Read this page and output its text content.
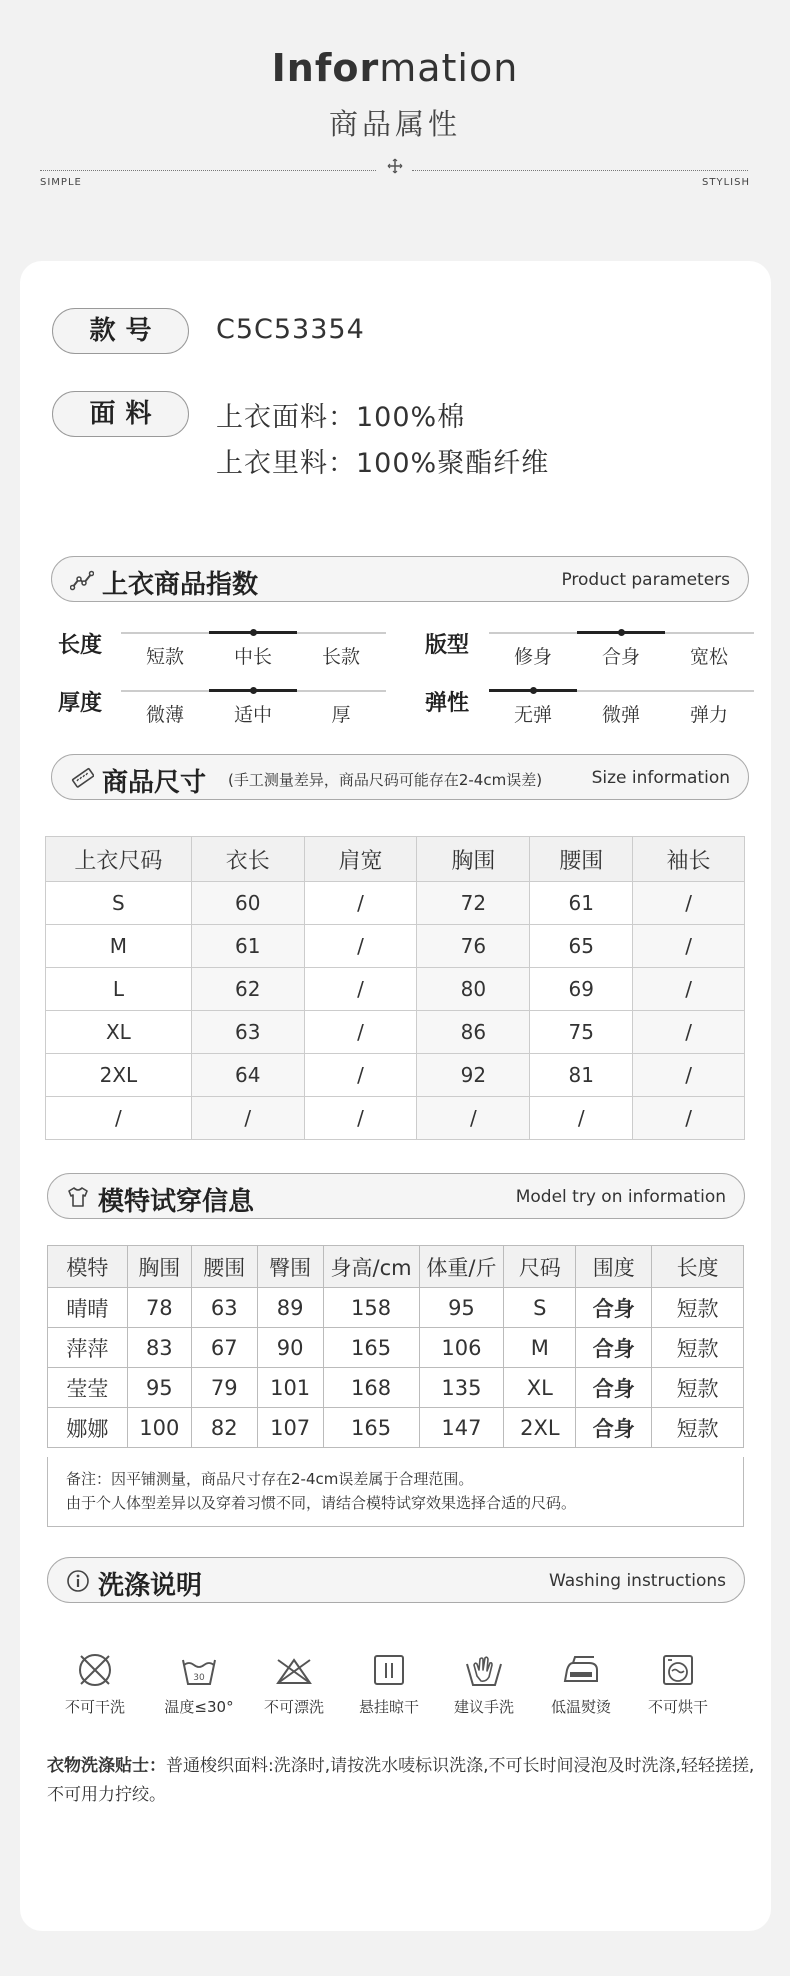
Information
商品属性
SIMPLE	STYLISH
款号	C5C53354
面料	上衣面料：100%棉
上衣里料：100%聚酯纤维
上衣商品指数	Product parameters
长度	短款	中长	长款	版型	修身	合身	宽松
厚度	微薄	适中	厚	弹性	无弹	微弹	弹力
商品尺寸 (手工测量差异，商品尺码可能存在2-4cm误差)	Size information
上衣尺码	衣长	肩宽	胸围	腰围	袖长
S	60	/	72	61	/
M	61	/	76	65	/
L	62	/	80	69	/
XL	63	/	86	75	/
2XL	64	/	92	81	/
/	/	/	/	/	/
模特试穿信息	Model try on information
模特	胸围	腰围	臀围	身高/cm	体重/斤	尺码	围度	长度
晴晴	78	63	89	158	95	S	合身	短款
萍萍	83	67	90	165	106	M	合身	短款
莹莹	95	79	101	168	135	XL	合身	短款
娜娜	100	82	107	165	147	2XL	合身	短款
备注：因平铺测量，商品尺寸存在2-4cm误差属于合理范围。
由于个人体型差异以及穿着习惯不同，请结合模特试穿效果选择合适的尺码。
洗涤说明	Washing instructions
不可干洗
30
温度≤30°	不可漂洗	悬挂晾干	建议手洗	低温熨烫	不可烘干
衣物洗涤贴士：普通梭织面料:洗涤时,请按洗水唛标识洗涤,不可长时间浸泡及时洗涤,轻轻搓搓,不可用力拧绞。
